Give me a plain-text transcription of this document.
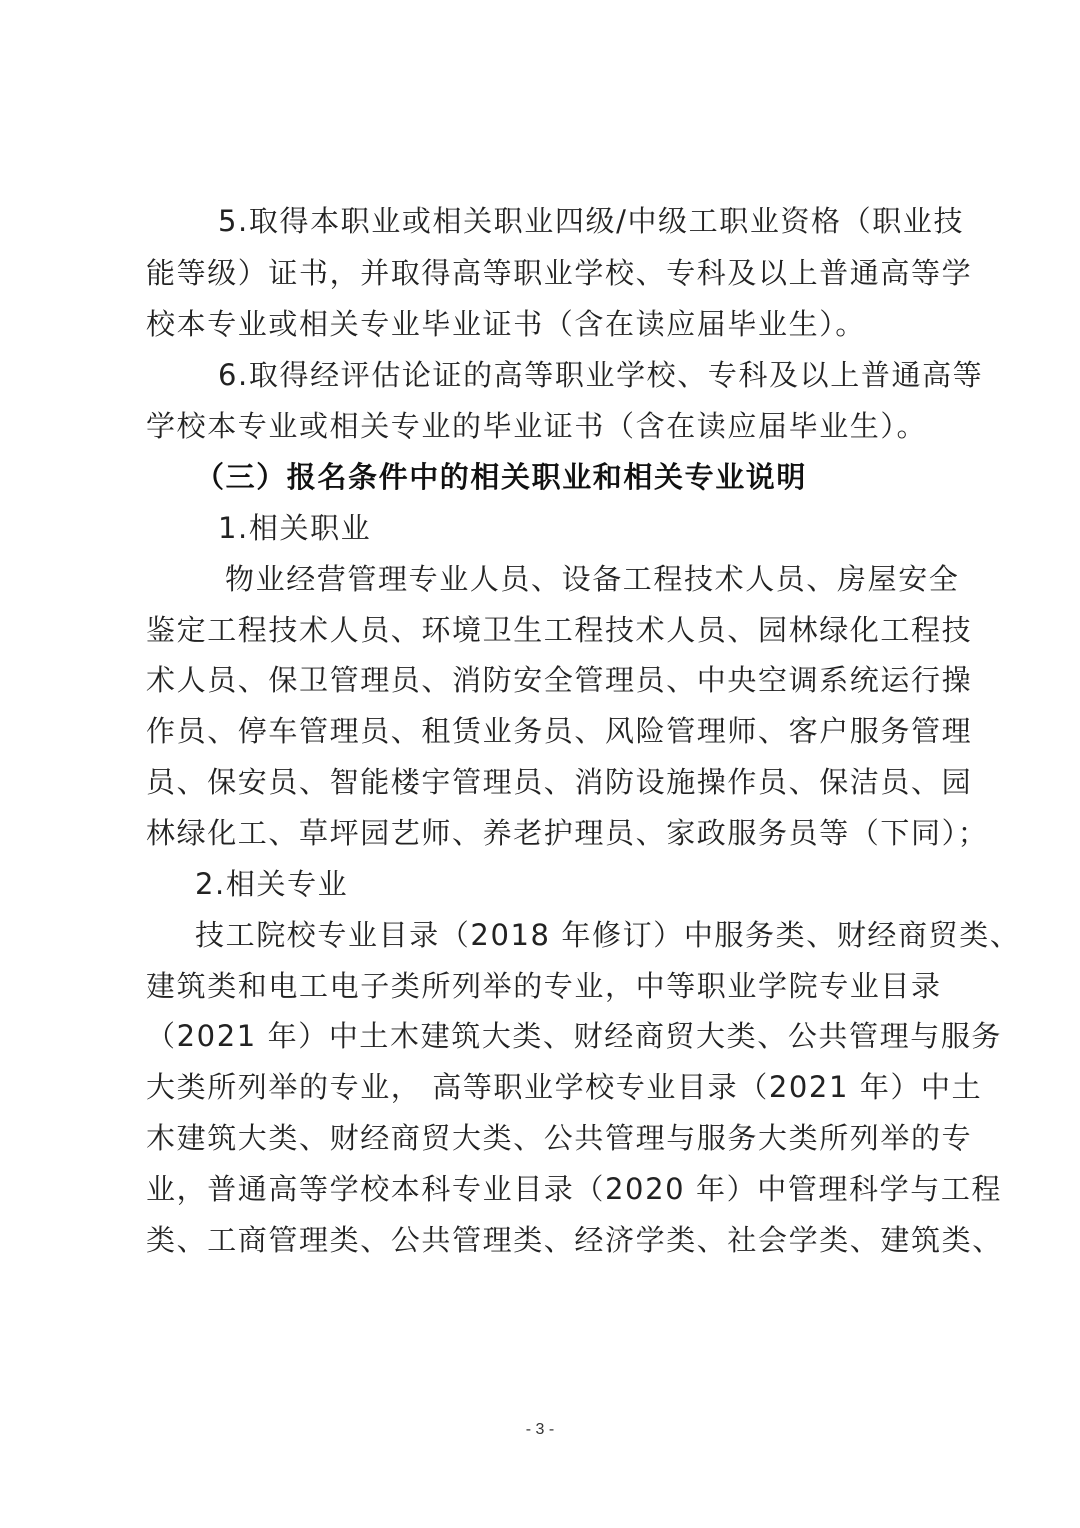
5.取得本职业或相关职业四级/中级工职业资格（职业技
能等级）证书，并取得高等职业学校、专科及以上普通高等学
校本专业或相关专业毕业证书（含在读应届毕业生）。
6.取得经评估论证的高等职业学校、专科及以上普通高等
学校本专业或相关专业的毕业证书（含在读应届毕业生）。
（三）报名条件中的相关职业和相关专业说明
1.相关职业
物业经营管理专业人员、设备工程技术人员、房屋安全
鉴定工程技术人员、环境卫生工程技术人员、园林绿化工程技
术人员、保卫管理员、消防安全管理员、中央空调系统运行操
作员、停车管理员、租赁业务员、风险管理师、客户服务管理
员、保安员、智能楼宇管理员、消防设施操作员、保洁员、园
林绿化工、草坪园艺师、养老护理员、家政服务员等（下同）；
2.相关专业
技工院校专业目录（2018 年修订）中服务类、财经商贸类、
建筑类和电工电子类所列举的专业，中等职业学院专业目录
（2021 年）中土木建筑大类、财经商贸大类、公共管理与服务
大类所列举的专业， 高等职业学校专业目录（2021 年）中土
木建筑大类、财经商贸大类、公共管理与服务大类所列举的专
业，普通高等学校本科专业目录（2020 年）中管理科学与工程
类、工商管理类、公共管理类、经济学类、社会学类、建筑类、
- 3 -
